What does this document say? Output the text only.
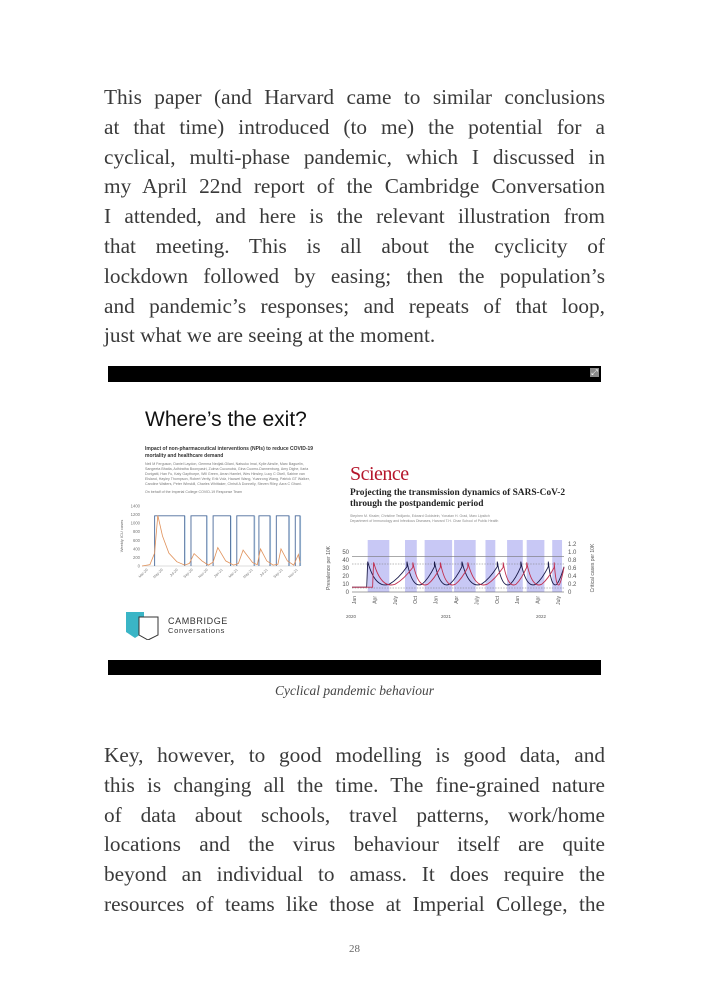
This paper (and Harvard came to similar conclusions
at that time) introduced (to me) the potential for a
cyclical, multi-phase pandemic, which I discussed in
my April 22nd report of the Cambridge Conversation
I attended, and here is the relevant illustration from
that meeting. This is all about the cyclicity of
lockdown followed by easing; then the population’s
and pandemic’s responses; and repeats of that loop,
just what we are seeing at the moment.
⤢
Where’s the exit?
Impact of non-pharmaceutical interventions (NPIs) to reduce COVID-19 mortality and healthcare demand
Neil M Ferguson, Daniel Laydon, Gemma Nedjati-Gilani, Natsuko Imai, Kylie Ainslie, Marc Baguelin, Sangeeta Bhatia, Adhiratha Boonyasiri, Zulma Cucunubá, Gina Cuomo-Dannenburg, Amy Dighe, Ilaria Dorigatti, Han Fu, Katy Gaythorpe, Will Green, Arran Hamlet, Wes Hinsley, Lucy C Okell, Sabine van Elsland, Hayley Thompson, Robert Verity, Erik Volz, Haowei Wang, Yuanrong Wang, Patrick GT Walker, Caroline Walters, Peter Winskill, Charles Whittaker, Christl A Donnelly, Steven Riley, Azra C Ghani.
On behalf of the Imperial College COVID-19 Response Team
Weekly ICU cases
0
200
400
600
800
1000
1200
1400
Mar-20 May-20 Jul-20 Sep-20 Nov-20 Jan-21 Mar-21 May-21 Jul-21 Sep-21 Nov-21
Science
Projecting the transmission dynamics of SARS-CoV-2 through the postpandemic period
Stephen M. Kissler, Christine Tedijanto, Edward Goldstein, Yonatan H. Grad, Marc Lipsitch
Department of Immunology and Infectious Diseases, Harvard T.H. Chan School of Public Health
Prevalence per 10K
0
10
20
30
40
50	Critical cases per 10K
0
0.2
0.4
0.6
0.8
1.0
1.2
Jan	Apr	July	Oct	Jan	Apr	July	Oct	Jan	Apr	July
2020	2021	2022
CAMBRIDGE
Conversations
Cyclical pandemic behaviour
Key, however, to good modelling is good data, and
this is changing all the time. The fine-grained nature
of data about schools, travel patterns, work/home
locations and the virus behaviour itself are quite
beyond an individual to amass. It does require the
resources of teams like those at Imperial College, the
28
